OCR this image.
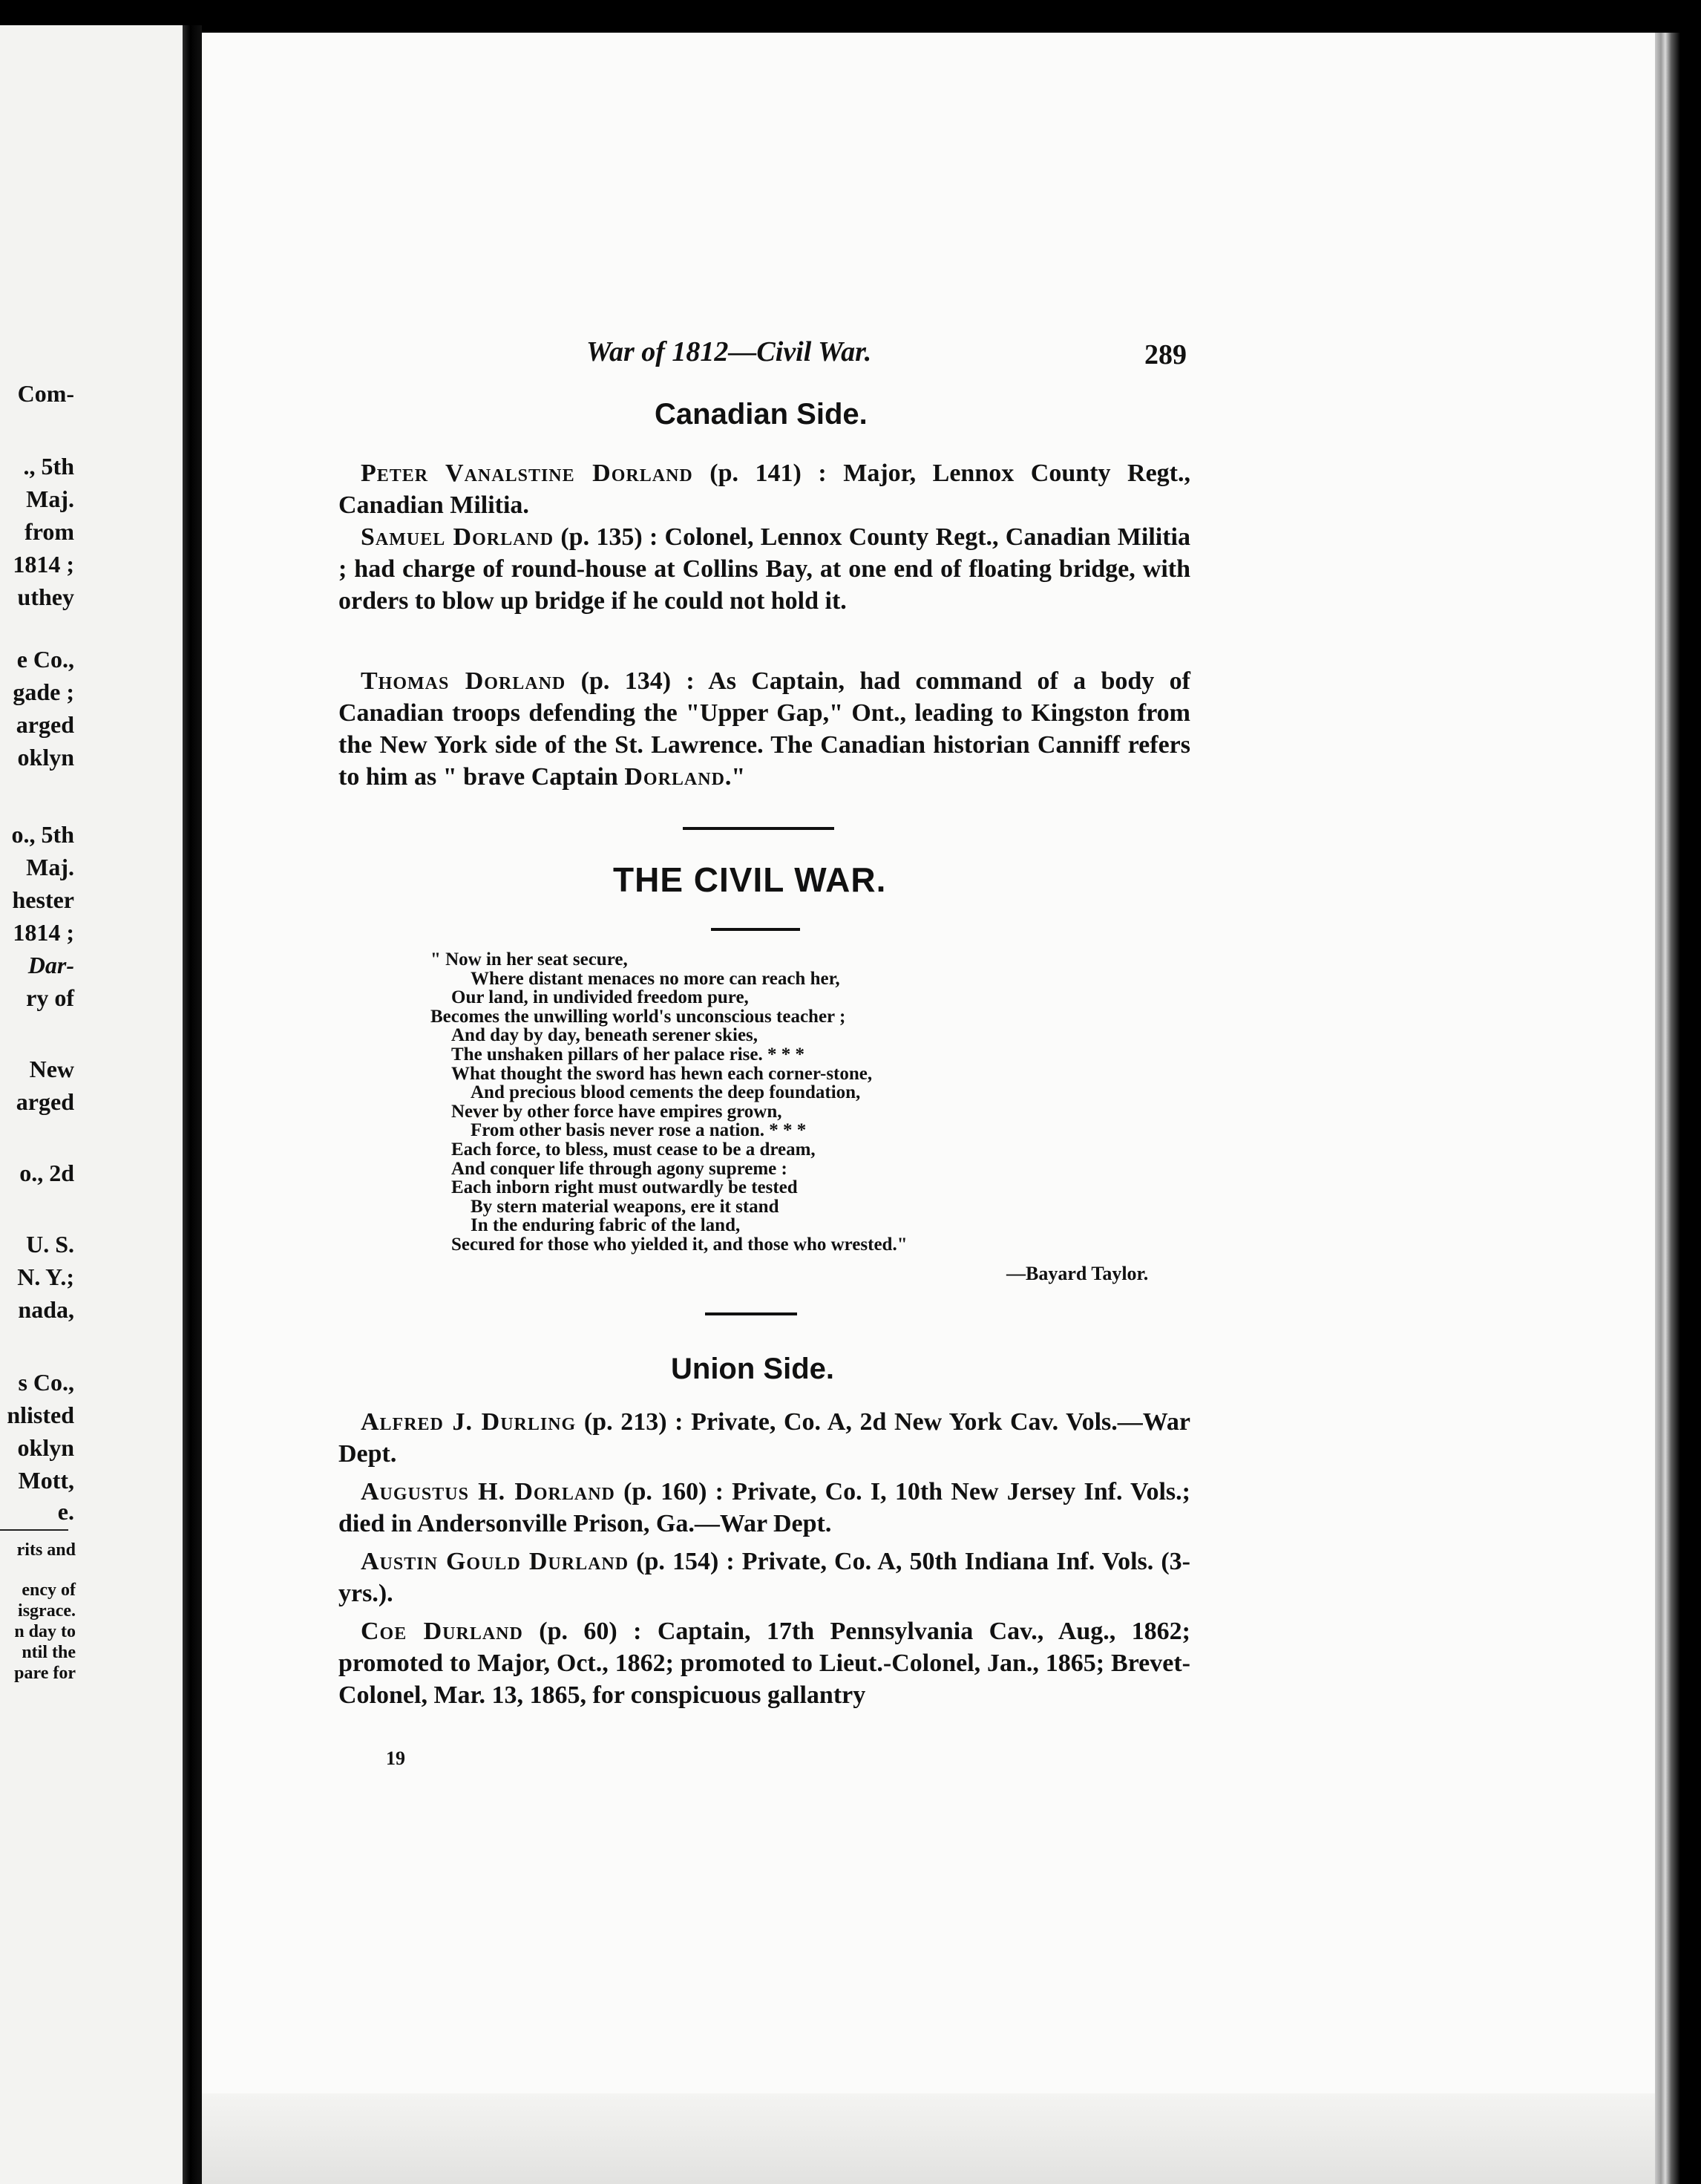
Com-
., 5th
Maj.
from
1814 ;
uthey
e Co.,
gade ;
arged
oklyn
o., 5th
Maj.
hester
1814 ;
Dar-
ry of
New
arged
o., 2d
U. S.
N. Y.;
nada,
s Co.,
nlisted
oklyn
Mott,
e.
rits and
ency of
isgrace.
n day to
ntil the
pare for
War of 1812—Civil War.	289
Canadian Side.
Peter Vanalstine Dorland (p. 141) : Major, Lennox County Regt., Canadian Militia.
Samuel Dorland (p. 135) : Colonel, Lennox County Regt., Canadian Militia ; had charge of round-house at Collins Bay, at one end of floating bridge, with orders to blow up bridge if he could not hold it.
Thomas Dorland (p. 134) : As Captain, had command of a body of Canadian troops defending the "Upper Gap," Ont., leading to Kingston from the New York side of the St. Lawrence. The Canadian historian Canniff refers to him as " brave Captain Dorland."
THE CIVIL WAR.
" Now in her seat secure,
Where distant menaces no more can reach her,
Our land, in undivided freedom pure,
Becomes the unwilling world's unconscious teacher ;
And day by day, beneath serener skies,
The unshaken pillars of her palace rise. * * *
What thought the sword has hewn each corner-stone,
And precious blood cements the deep foundation,
Never by other force have empires grown,
From other basis never rose a nation. * * *
Each force, to bless, must cease to be a dream,
And conquer life through agony supreme :
Each inborn right must outwardly be tested
By stern material weapons, ere it stand
In the enduring fabric of the land,
Secured for those who yielded it, and those who wrested."
—Bayard Taylor.
Union Side.
Alfred J. Durling (p. 213) : Private, Co. A, 2d New York Cav. Vols.—War Dept.
Augustus H. Dorland (p. 160) : Private, Co. I, 10th New Jersey Inf. Vols.; died in Andersonville Prison, Ga.—War Dept.
Austin Gould Durland (p. 154) : Private, Co. A, 50th Indiana Inf. Vols. (3-yrs.).
Coe Durland (p. 60) : Captain, 17th Pennsylvania Cav., Aug., 1862; promoted to Major, Oct., 1862; promoted to Lieut.-Colonel, Jan., 1865; Brevet-Colonel, Mar. 13, 1865, for conspicuous gallantry
19
